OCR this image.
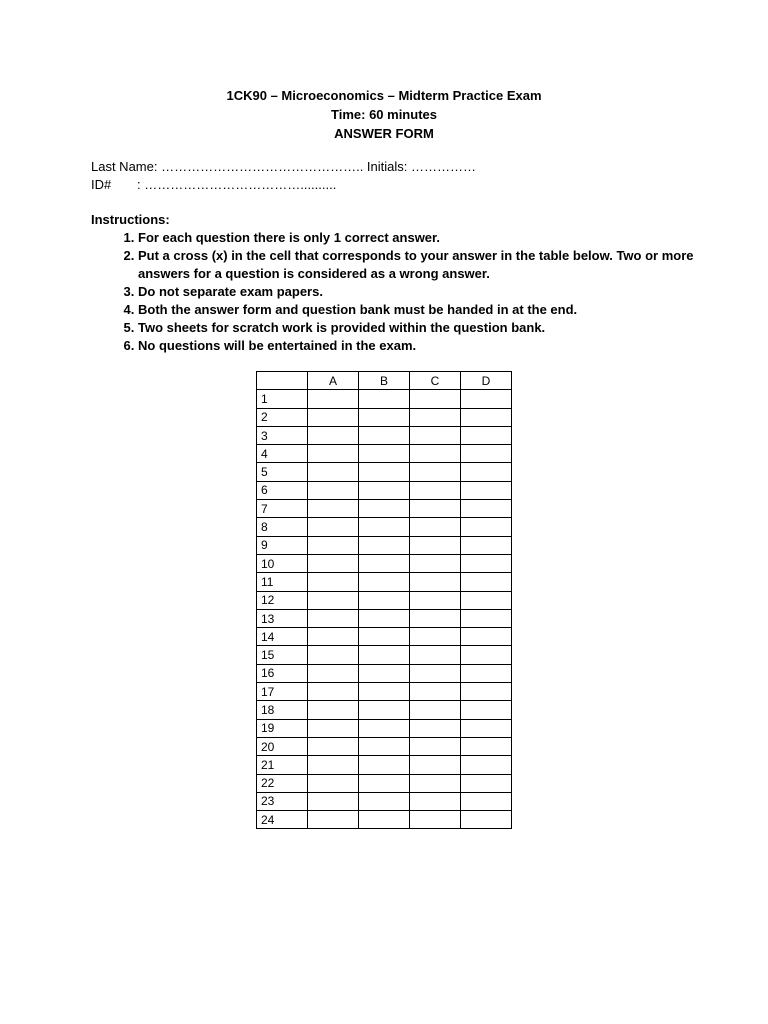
1CK90 – Microeconomics – Midterm Practice Exam
Time: 60 minutes
ANSWER FORM
Last Name: ……………………………………….. Initials: ……………
ID# : ………………………………..........
Instructions:
1. For each question there is only 1 correct answer.
2. Put a cross (x) in the cell that corresponds to your answer in the table below. Two or more answers for a question is considered as a wrong answer.
3. Do not separate exam papers.
4. Both the answer form and question bank must be handed in at the end.
5. Two sheets for scratch work is provided within the question bank.
6. No questions will be entertained in the exam.
	A	B	C	D
1				
2				
3				
4				
5				
6				
7				
8				
9				
10				
11				
12				
13				
14				
15				
16				
17				
18				
19				
20				
21				
22				
23				
24				
